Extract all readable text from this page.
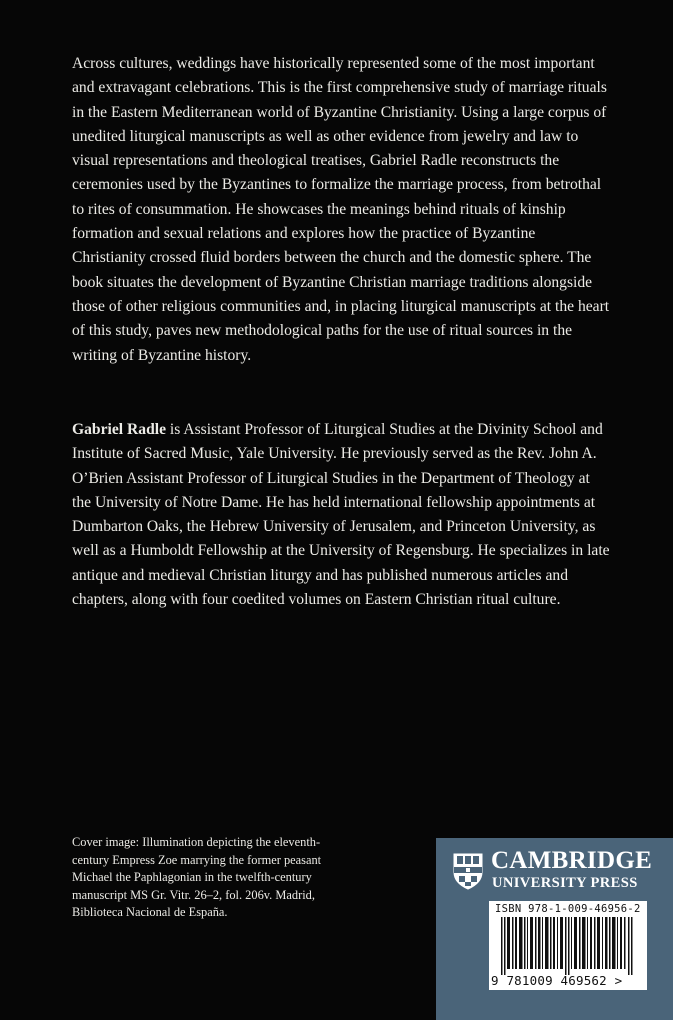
Across cultures, weddings have historically represented some of the most important and extravagant celebrations. This is the first comprehensive study of marriage rituals in the Eastern Mediterranean world of Byzantine Christianity. Using a large corpus of unedited liturgical manuscripts as well as other evidence from jewelry and law to visual representations and theological treatises, Gabriel Radle reconstructs the ceremonies used by the Byzantines to formalize the marriage process, from betrothal to rites of consummation. He showcases the meanings behind rituals of kinship formation and sexual relations and explores how the practice of Byzantine Christianity crossed fluid borders between the church and the domestic sphere. The book situates the development of Byzantine Christian marriage traditions alongside those of other religious communities and, in placing liturgical manuscripts at the heart of this study, paves new methodological paths for the use of ritual sources in the writing of Byzantine history.

Gabriel Radle is Assistant Professor of Liturgical Studies at the Divinity School and Institute of Sacred Music, Yale University. He previously served as the Rev. John A. O’Brien Assistant Professor of Liturgical Studies in the Department of Theology at the University of Notre Dame. He has held international fellowship appointments at Dumbarton Oaks, the Hebrew University of Jerusalem, and Princeton University, as well as a Humboldt Fellowship at the University of Regensburg. He specializes in late antique and medieval Christian liturgy and has published numerous articles and chapters, along with four coedited volumes on Eastern Christian ritual culture.

Cover image: Illumination depicting the eleventh-century Empress Zoe marrying the former peasant Michael the Paphlagonian in the twelfth-century manuscript MS Gr. Vitr. 26–2, fol. 206v. Madrid, Biblioteca Nacional de España.

CAMBRIDGE
UNIVERSITY PRESS
ISBN 978-1-009-46956-2
9 781009 469562 >
